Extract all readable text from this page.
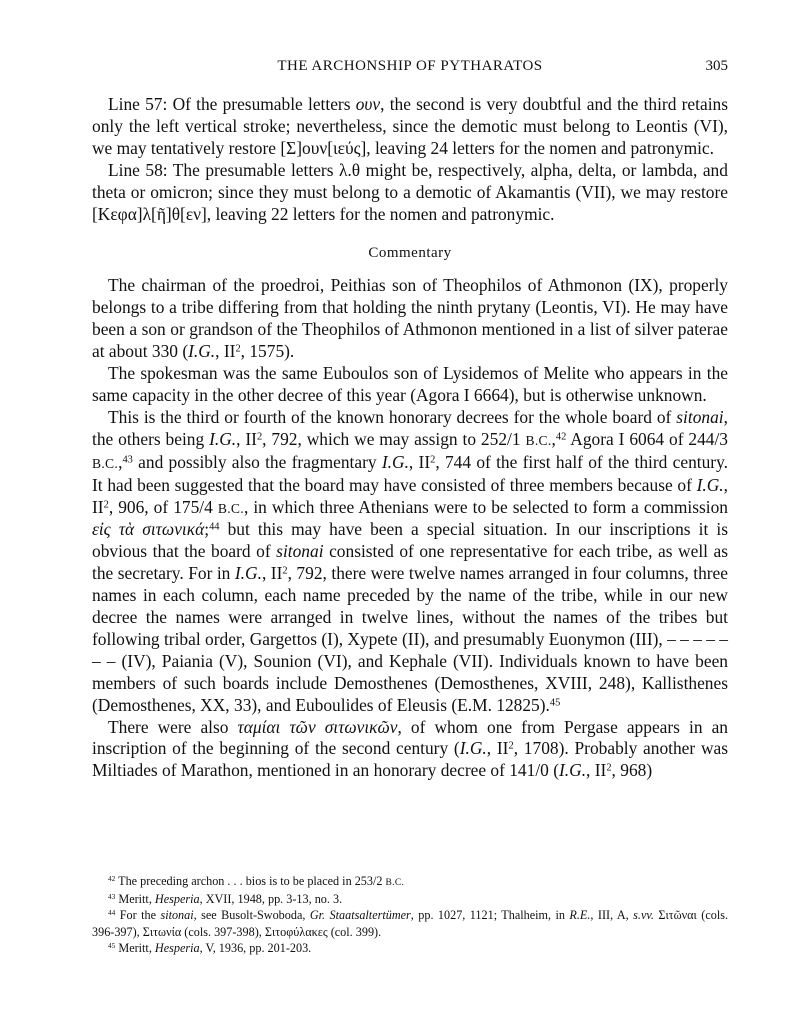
THE ARCHONSHIP OF PYTHARATOS	305

Line 57: Of the presumable letters ουν, the second is very doubtful and the third retains only the left vertical stroke; nevertheless, since the demotic must belong to Leontis (VI), we may tentatively restore [Σ]ουν[ιεύς], leaving 24 letters for the nomen and patronymic.

Line 58: The presumable letters λ.θ might be, respectively, alpha, delta, or lambda, and theta or omicron; since they must belong to a demotic of Akamantis (VII), we may restore [Κεφα]λ[ῆ]θ[εν], leaving 22 letters for the nomen and patronymic.

Commentary

The chairman of the proedroi, Peithias son of Theophilos of Athmonon (IX), properly belongs to a tribe differing from that holding the ninth prytany (Leontis, VI). He may have been a son or grandson of the Theophilos of Athmonon mentioned in a list of silver paterae at about 330 (I.G., $II^2$, 1575).

The spokesman was the same Euboulos son of Lysidemos of Melite who appears in the same capacity in the other decree of this year (Agora I 6664), but is otherwise unknown.

This is the third or fourth of the known honorary decrees for the whole board of sitonai, the others being I.G., $II^2$, 792, which we may assign to 252/1 B.C.,$^{42}$ Agora I 6064 of 244/3 B.C.,$^{43}$ and possibly also the fragmentary I.G., $II^2$, 744 of the first half of the third century. It had been suggested that the board may have consisted of three members because of I.G., $II^2$, 906, of 175/4 B.C., in which three Athenians were to be selected to form a commission εἰς τὰ σιτωνικά;$^{44}$ but this may have been a special situation. In our inscriptions it is obvious that the board of sitonai consisted of one representative for each tribe, as well as the secretary. For in I.G., $II^2$, 792, there were twelve names arranged in four columns, three names in each column, each name preceded by the name of the tribe, while in our new decree the names were arranged in twelve lines, without the names of the tribes but following tribal order, Gargettos (I), Xypete (II), and presumably Euonymon (III), – – – – – – – (IV), Paiania (V), Sounion (VI), and Kephale (VII). Individuals known to have been members of such boards include Demosthenes (Demosthenes, XVIII, 248), Kallisthenes (Demosthenes, XX, 33), and Euboulides of Eleusis (E.M. 12825).$^{45}$

There were also ταμίαι τῶν σιτωνικῶν, of whom one from Pergase appears in an inscription of the beginning of the second century (I.G., $II^2$, 1708). Probably another was Miltiades of Marathon, mentioned in an honorary decree of 141/0 (I.G., $II^2$, 968)

$^{42}$ The preceding archon . . . bios is to be placed in 253/2 B.C.

$^{43}$ Meritt, Hesperia, XVII, 1948, pp. 3-13, no. 3.

$^{44}$ For the sitonai, see Busolt-Swoboda, Gr. Staatsaltertümer, pp. 1027, 1121; Thalheim, in R.E., III, A, s.vv. Σιτῶναι (cols. 396-397), Σιτωνία (cols. 397-398), Σιτοφύλακες (col. 399).

$^{45}$ Meritt, Hesperia, V, 1936, pp. 201-203.
